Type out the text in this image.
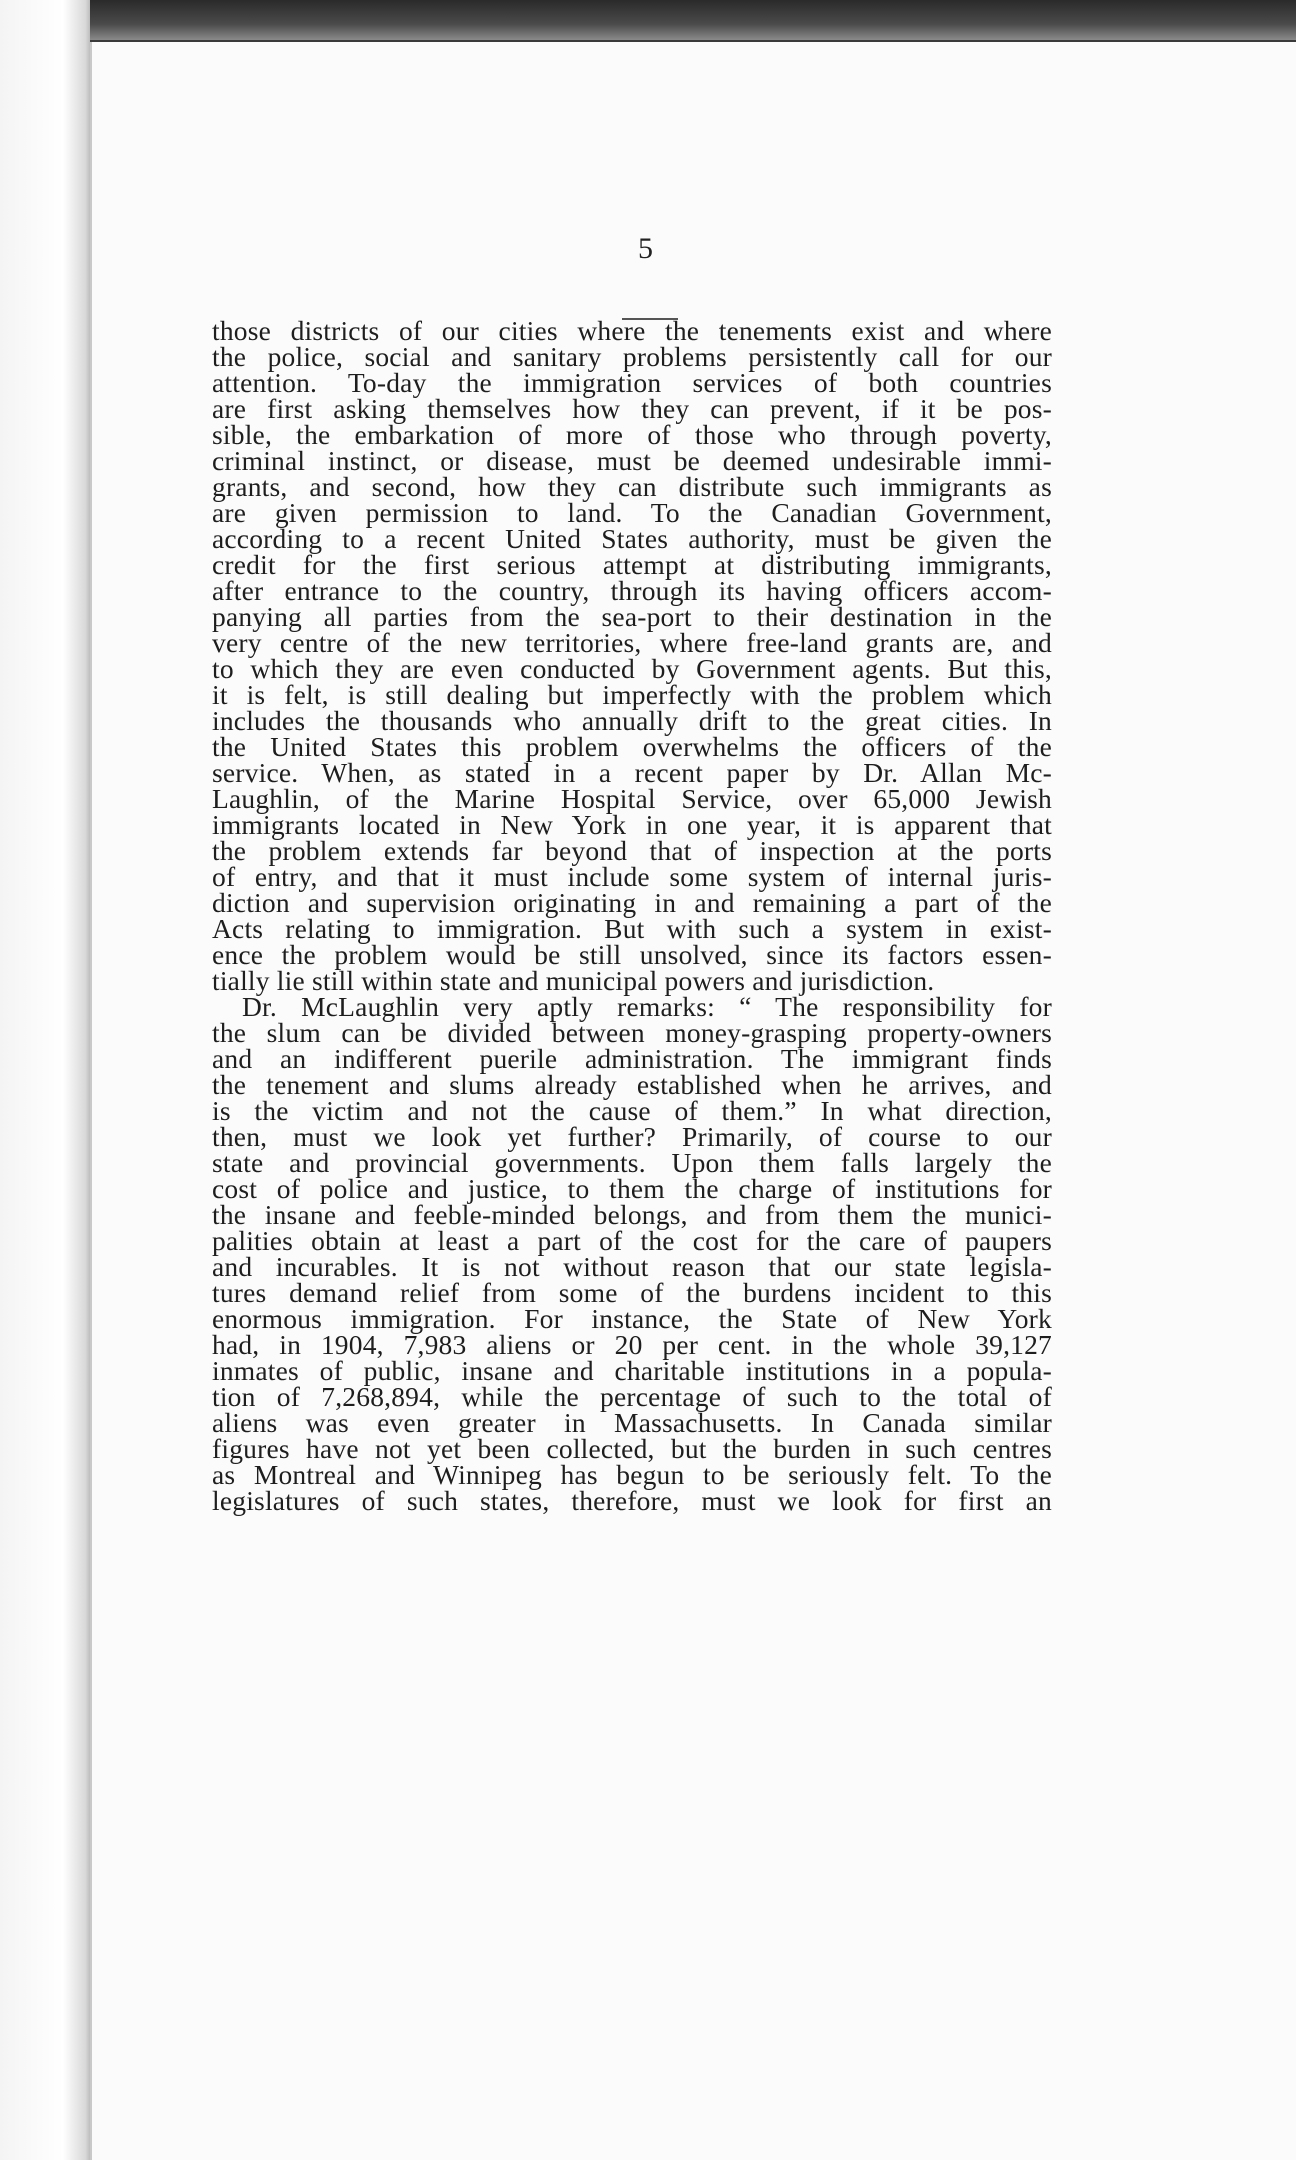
5
those districts of our cities where the tenements exist and where
the police, social and sanitary problems persistently call for our
attention. To-day the immigration services of both countries
are first asking themselves how they can prevent, if it be pos-
sible, the embarkation of more of those who through poverty,
criminal instinct, or disease, must be deemed undesirable immi-
grants, and second, how they can distribute such immigrants as
are given permission to land. To the Canadian Government,
according to a recent United States authority, must be given the
credit for the first serious attempt at distributing immigrants,
after entrance to the country, through its having officers accom-
panying all parties from the sea-port to their destination in the
very centre of the new territories, where free-land grants are, and
to which they are even conducted by Government agents. But this,
it is felt, is still dealing but imperfectly with the problem which
includes the thousands who annually drift to the great cities. In
the United States this problem overwhelms the officers of the
service. When, as stated in a recent paper by Dr. Allan Mc-
Laughlin, of the Marine Hospital Service, over 65,000 Jewish
immigrants located in New York in one year, it is apparent that
the problem extends far beyond that of inspection at the ports
of entry, and that it must include some system of internal juris-
diction and supervision originating in and remaining a part of the
Acts relating to immigration. But with such a system in exist-
ence the problem would be still unsolved, since its factors essen-
tially lie still within state and municipal powers and jurisdiction.
Dr. McLaughlin very aptly remarks: “ The responsibility for
the slum can be divided between money-grasping property-owners
and an indifferent puerile administration. The immigrant finds
the tenement and slums already established when he arrives, and
is the victim and not the cause of them.” In what direction,
then, must we look yet further? Primarily, of course to our
state and provincial governments. Upon them falls largely the
cost of police and justice, to them the charge of institutions for
the insane and feeble-minded belongs, and from them the munici-
palities obtain at least a part of the cost for the care of paupers
and incurables. It is not without reason that our state legisla-
tures demand relief from some of the burdens incident to this
enormous immigration. For instance, the State of New York
had, in 1904, 7,983 aliens or 20 per cent. in the whole 39,127
inmates of public, insane and charitable institutions in a popula-
tion of 7,268,894, while the percentage of such to the total of
aliens was even greater in Massachusetts. In Canada similar
figures have not yet been collected, but the burden in such centres
as Montreal and Winnipeg has begun to be seriously felt. To the
legislatures of such states, therefore, must we look for first an
